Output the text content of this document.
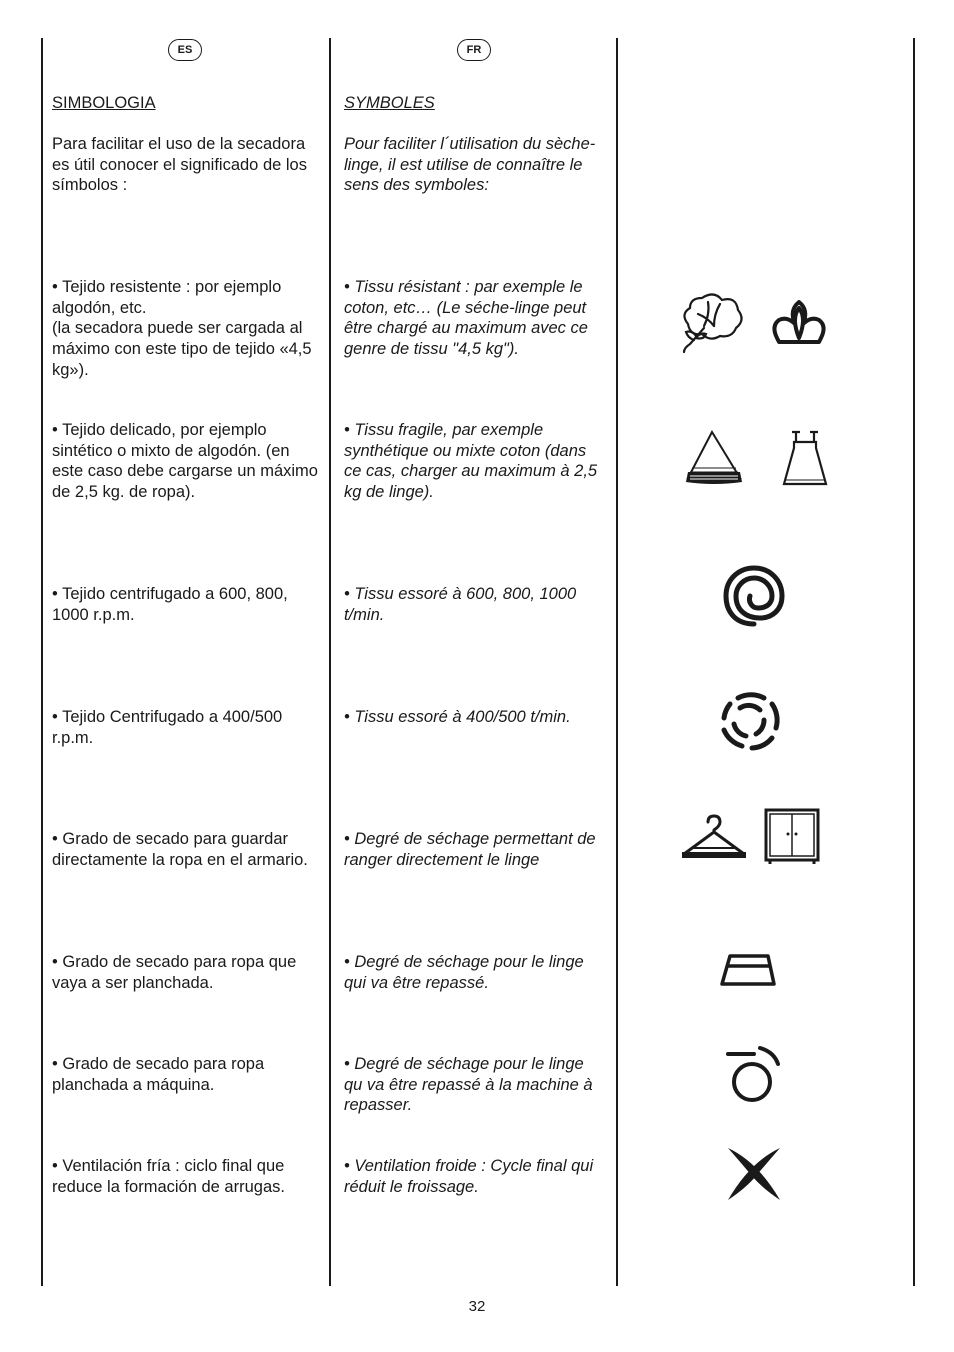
ES	FR
SIMBOLOGIA
Para facilitar el uso de la secadora es útil conocer el significado de los símbolos :
• Tejido resistente : por ejemplo algodón, etc.
(la secadora puede ser cargada al máximo con este tipo de tejido «4,5 kg»).
• Tejido delicado, por ejemplo sintético o mixto de algodón. (en este caso debe cargarse un máximo de 2,5 kg. de ropa).
• Tejido centrifugado a 600, 800, 1000 r.p.m.
• Tejido Centrifugado a 400/500 r.p.m.
• Grado de secado para guardar directamente la ropa en el armario.
• Grado de secado para ropa que vaya a ser planchada.
• Grado de secado para ropa planchada a máquina.
• Ventilación fría : ciclo final que reduce la formación de arrugas.
SYMBOLES
Pour faciliter l´utilisation du sèche-linge, il est utilise de connaître le sens des symboles:
• Tissu résistant : par exemple le coton, etc… (Le séche-linge peut être chargé au maximum avec ce genre de tissu "4,5 kg").
• Tissu fragile, par exemple synthétique ou mixte coton (dans ce cas, charger au maximum à 2,5 kg de linge).
• Tissu essoré à 600, 800, 1000 t/min.
• Tissu essoré à 400/500 t/min.
• Degré de séchage permettant de ranger directement le linge
• Degré de séchage pour le linge qui va être repassé.
• Degré de séchage pour le linge qu va être repassé à la machine à repasser.
• Ventilation froide : Cycle final qui réduit le froissage.
32
